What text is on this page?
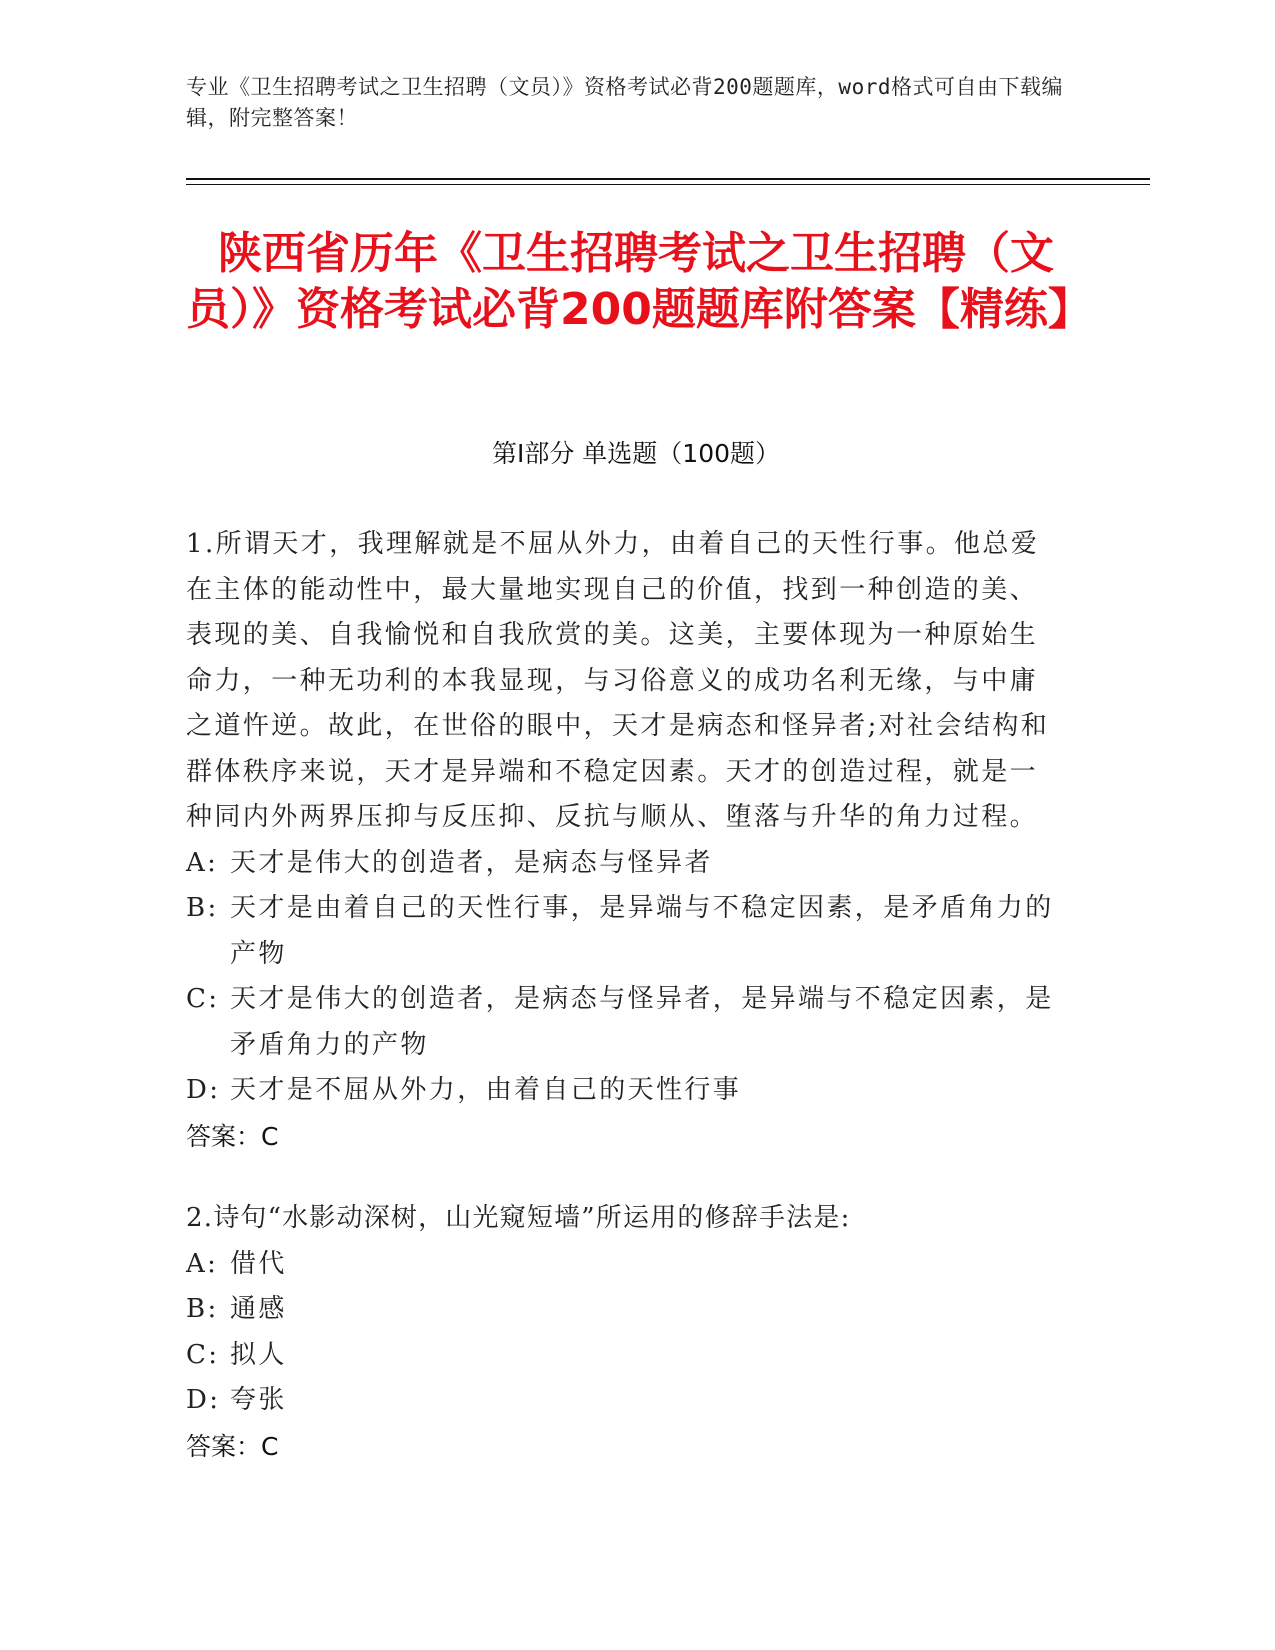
专业《卫生招聘考试之卫生招聘（文员）》资格考试必背200题题库，word格式可自由下载编辑，附完整答案！
陕西省历年《卫生招聘考试之卫生招聘（文员）》资格考试必背200题题库附答案【精练】
第Ⅰ部分 单选题（100题）

1.所谓天才，我理解就是不屈从外力，由着自己的天性行事。他总爱在主体的能动性中，最大量地实现自己的价值，找到一种创造的美、表现的美、自我愉悦和自我欣赏的美。这美，主要体现为一种原始生命力，一种无功利的本我显现，与习俗意义的成功名利无缘，与中庸之道忤逆。故此，在世俗的眼中，天才是病态和怪异者;对社会结构和群体秩序来说，天才是异端和不稳定因素。天才的创造过程，就是一种同内外两界压抑与反压抑、反抗与顺从、堕落与升华的角力过程。

A: 天才是伟大的创造者，是病态与怪异者
B: 天才是由着自己的天性行事，是异端与不稳定因素，是矛盾角力的产物
C: 天才是伟大的创造者，是病态与怪异者，是异端与不稳定因素，是矛盾角力的产物
D: 天才是不屈从外力，由着自己的天性行事
答案：C

2.诗句“水影动深树，山光窥短墙”所运用的修辞手法是:

A: 借代
B: 通感
C: 拟人
D: 夸张
答案：C
